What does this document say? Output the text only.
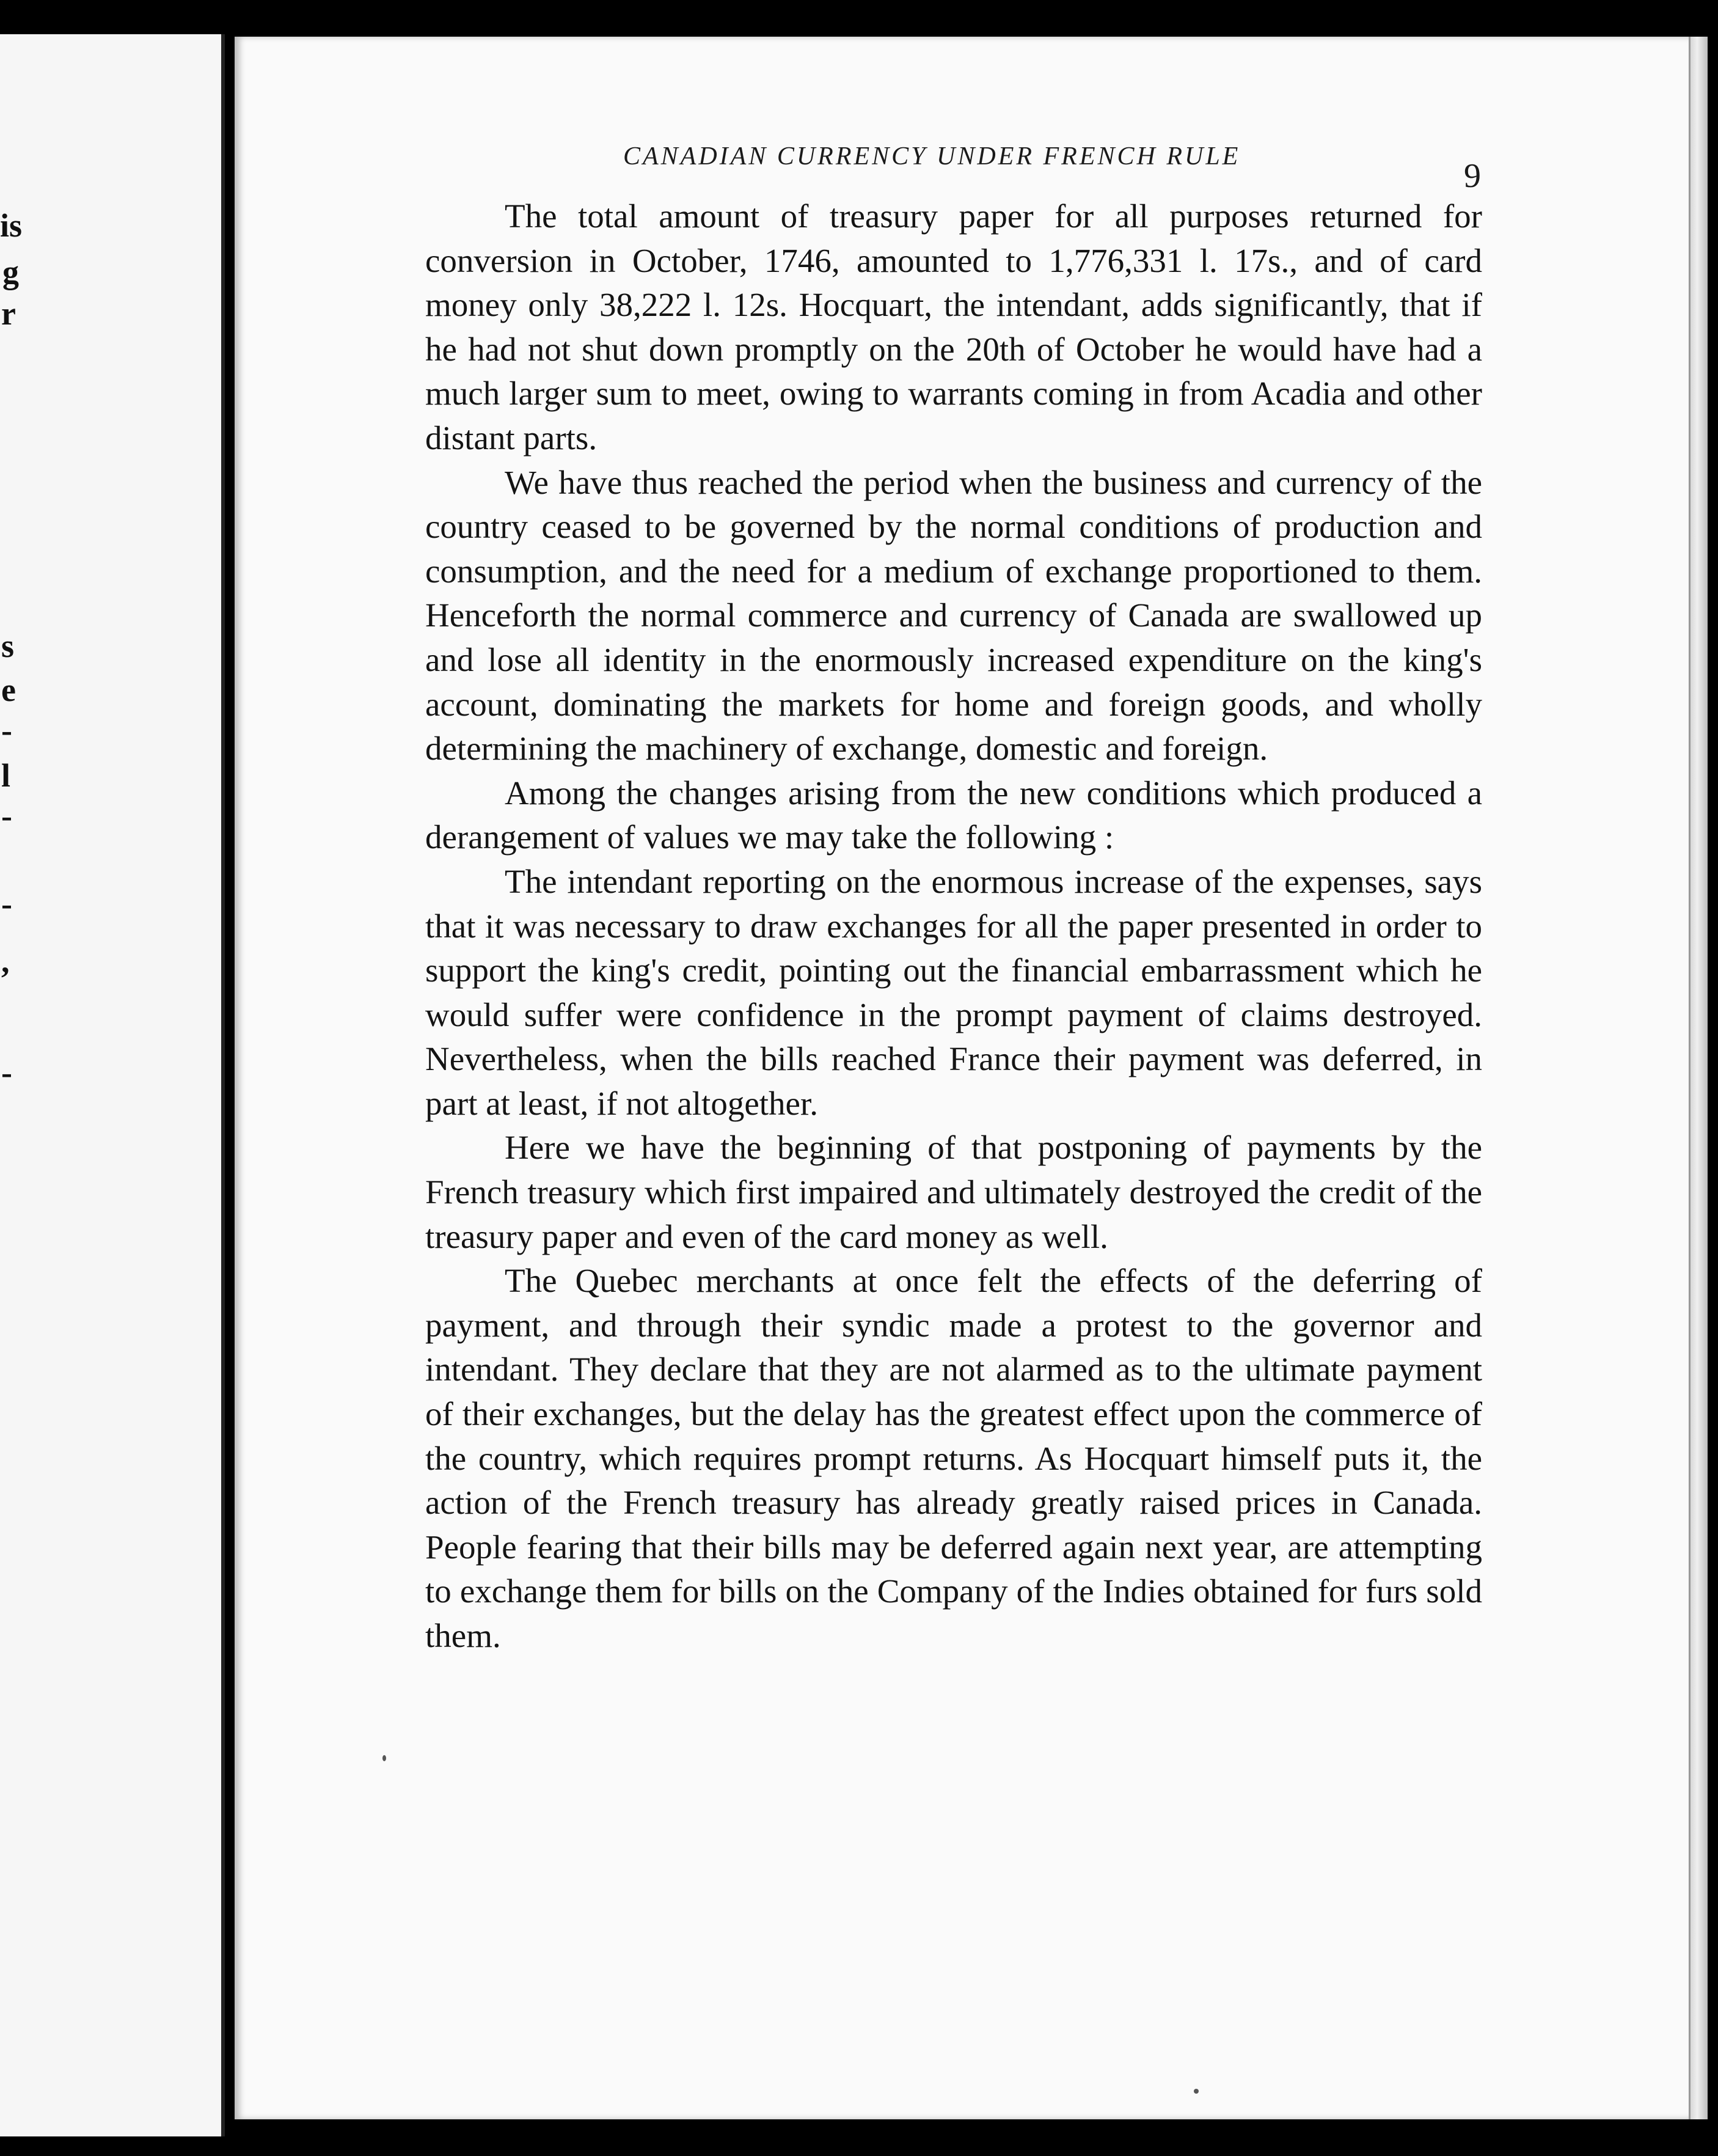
is
g
r
s
e
-
l
-
-
,
-
CANADIAN CURRENCY UNDER FRENCH RULE
9

The total amount of treasury paper for all purposes returned for conversion in October, 1746, amounted to 1,776,331 l. 17s., and of card money only 38,222 l. 12s. Hocquart, the intendant, adds significantly, that if he had not shut down promptly on the 20th of October he would have had a much larger sum to meet, owing to warrants coming in from Acadia and other distant parts.

We have thus reached the period when the business and currency of the country ceased to be governed by the normal conditions of production and consumption, and the need for a medium of exchange proportioned to them. Henceforth the normal commerce and currency of Canada are swallowed up and lose all identity in the enormously increased expenditure on the king's account, dominating the markets for home and foreign goods, and wholly determining the machinery of exchange, domestic and foreign.

Among the changes arising from the new conditions which produced a derangement of values we may take the following :

The intendant reporting on the enormous increase of the expenses, says that it was necessary to draw exchanges for all the paper presented in order to support the king's credit, pointing out the financial embarrassment which he would suffer were confidence in the prompt payment of claims destroyed. Nevertheless, when the bills reached France their payment was deferred, in part at least, if not altogether.

Here we have the beginning of that postponing of payments by the French treasury which first impaired and ultimately destroyed the credit of the treasury paper and even of the card money as well.

The Quebec merchants at once felt the effects of the deferring of payment, and through their syndic made a protest to the governor and intendant. They declare that they are not alarmed as to the ultimate payment of their exchanges, but the delay has the greatest effect upon the commerce of the country, which requires prompt returns. As Hocquart himself puts it, the action of the French treasury has already greatly raised prices in Canada. People fearing that their bills may be deferred again next year, are attempting to exchange them for bills on the Company of the Indies obtained for furs sold them.
